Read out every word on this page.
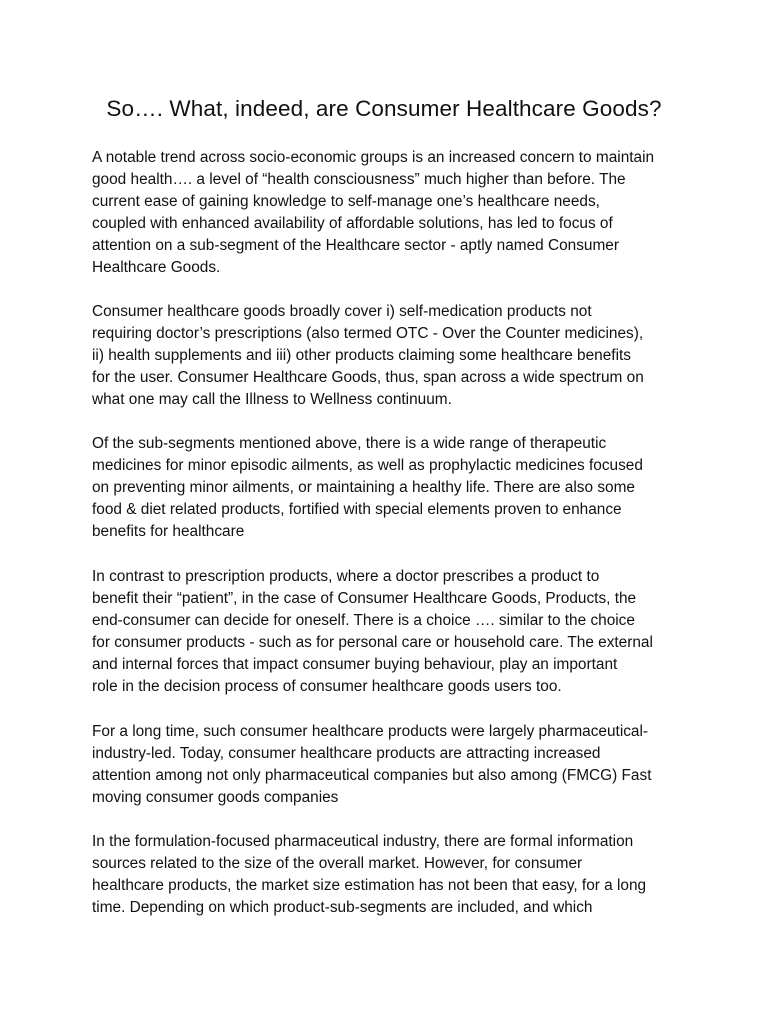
So…. What, indeed, are Consumer Healthcare Goods?
A notable trend across socio-economic groups is an increased concern to maintain
good health…. a level of “health consciousness” much higher than before. The
current ease of gaining knowledge to self-manage one’s healthcare needs,
coupled with enhanced availability of affordable solutions, has led to focus of
attention on a sub-segment of the Healthcare sector - aptly named Consumer
Healthcare Goods.
Consumer healthcare goods broadly cover i) self-medication products not
requiring doctor’s prescriptions (also termed OTC - Over the Counter medicines),
ii) health supplements and iii) other products claiming some healthcare benefits
for the user. Consumer Healthcare Goods, thus, span across a wide spectrum on
what one may call the Illness to Wellness continuum.
Of the sub-segments mentioned above, there is a wide range of therapeutic
medicines for minor episodic ailments, as well as prophylactic medicines focused
on preventing minor ailments, or maintaining a healthy life. There are also some
food & diet related products, fortified with special elements proven to enhance
benefits for healthcare
In contrast to prescription products, where a doctor prescribes a product to
benefit their “patient”, in the case of Consumer Healthcare Goods, Products, the
end-consumer can decide for oneself. There is a choice …. similar to the choice
for consumer products - such as for personal care or household care. The external
and internal forces that impact consumer buying behaviour, play an important
role in the decision process of consumer healthcare goods users too.
For a long time, such consumer healthcare products were largely pharmaceutical-
industry-led. Today, consumer healthcare products are attracting increased
attention among not only pharmaceutical companies but also among (FMCG) Fast
moving consumer goods companies
In the formulation-focused pharmaceutical industry, there are formal information
sources related to the size of the overall market. However, for consumer
healthcare products, the market size estimation has not been that easy, for a long
time. Depending on which product-sub-segments are included, and which
